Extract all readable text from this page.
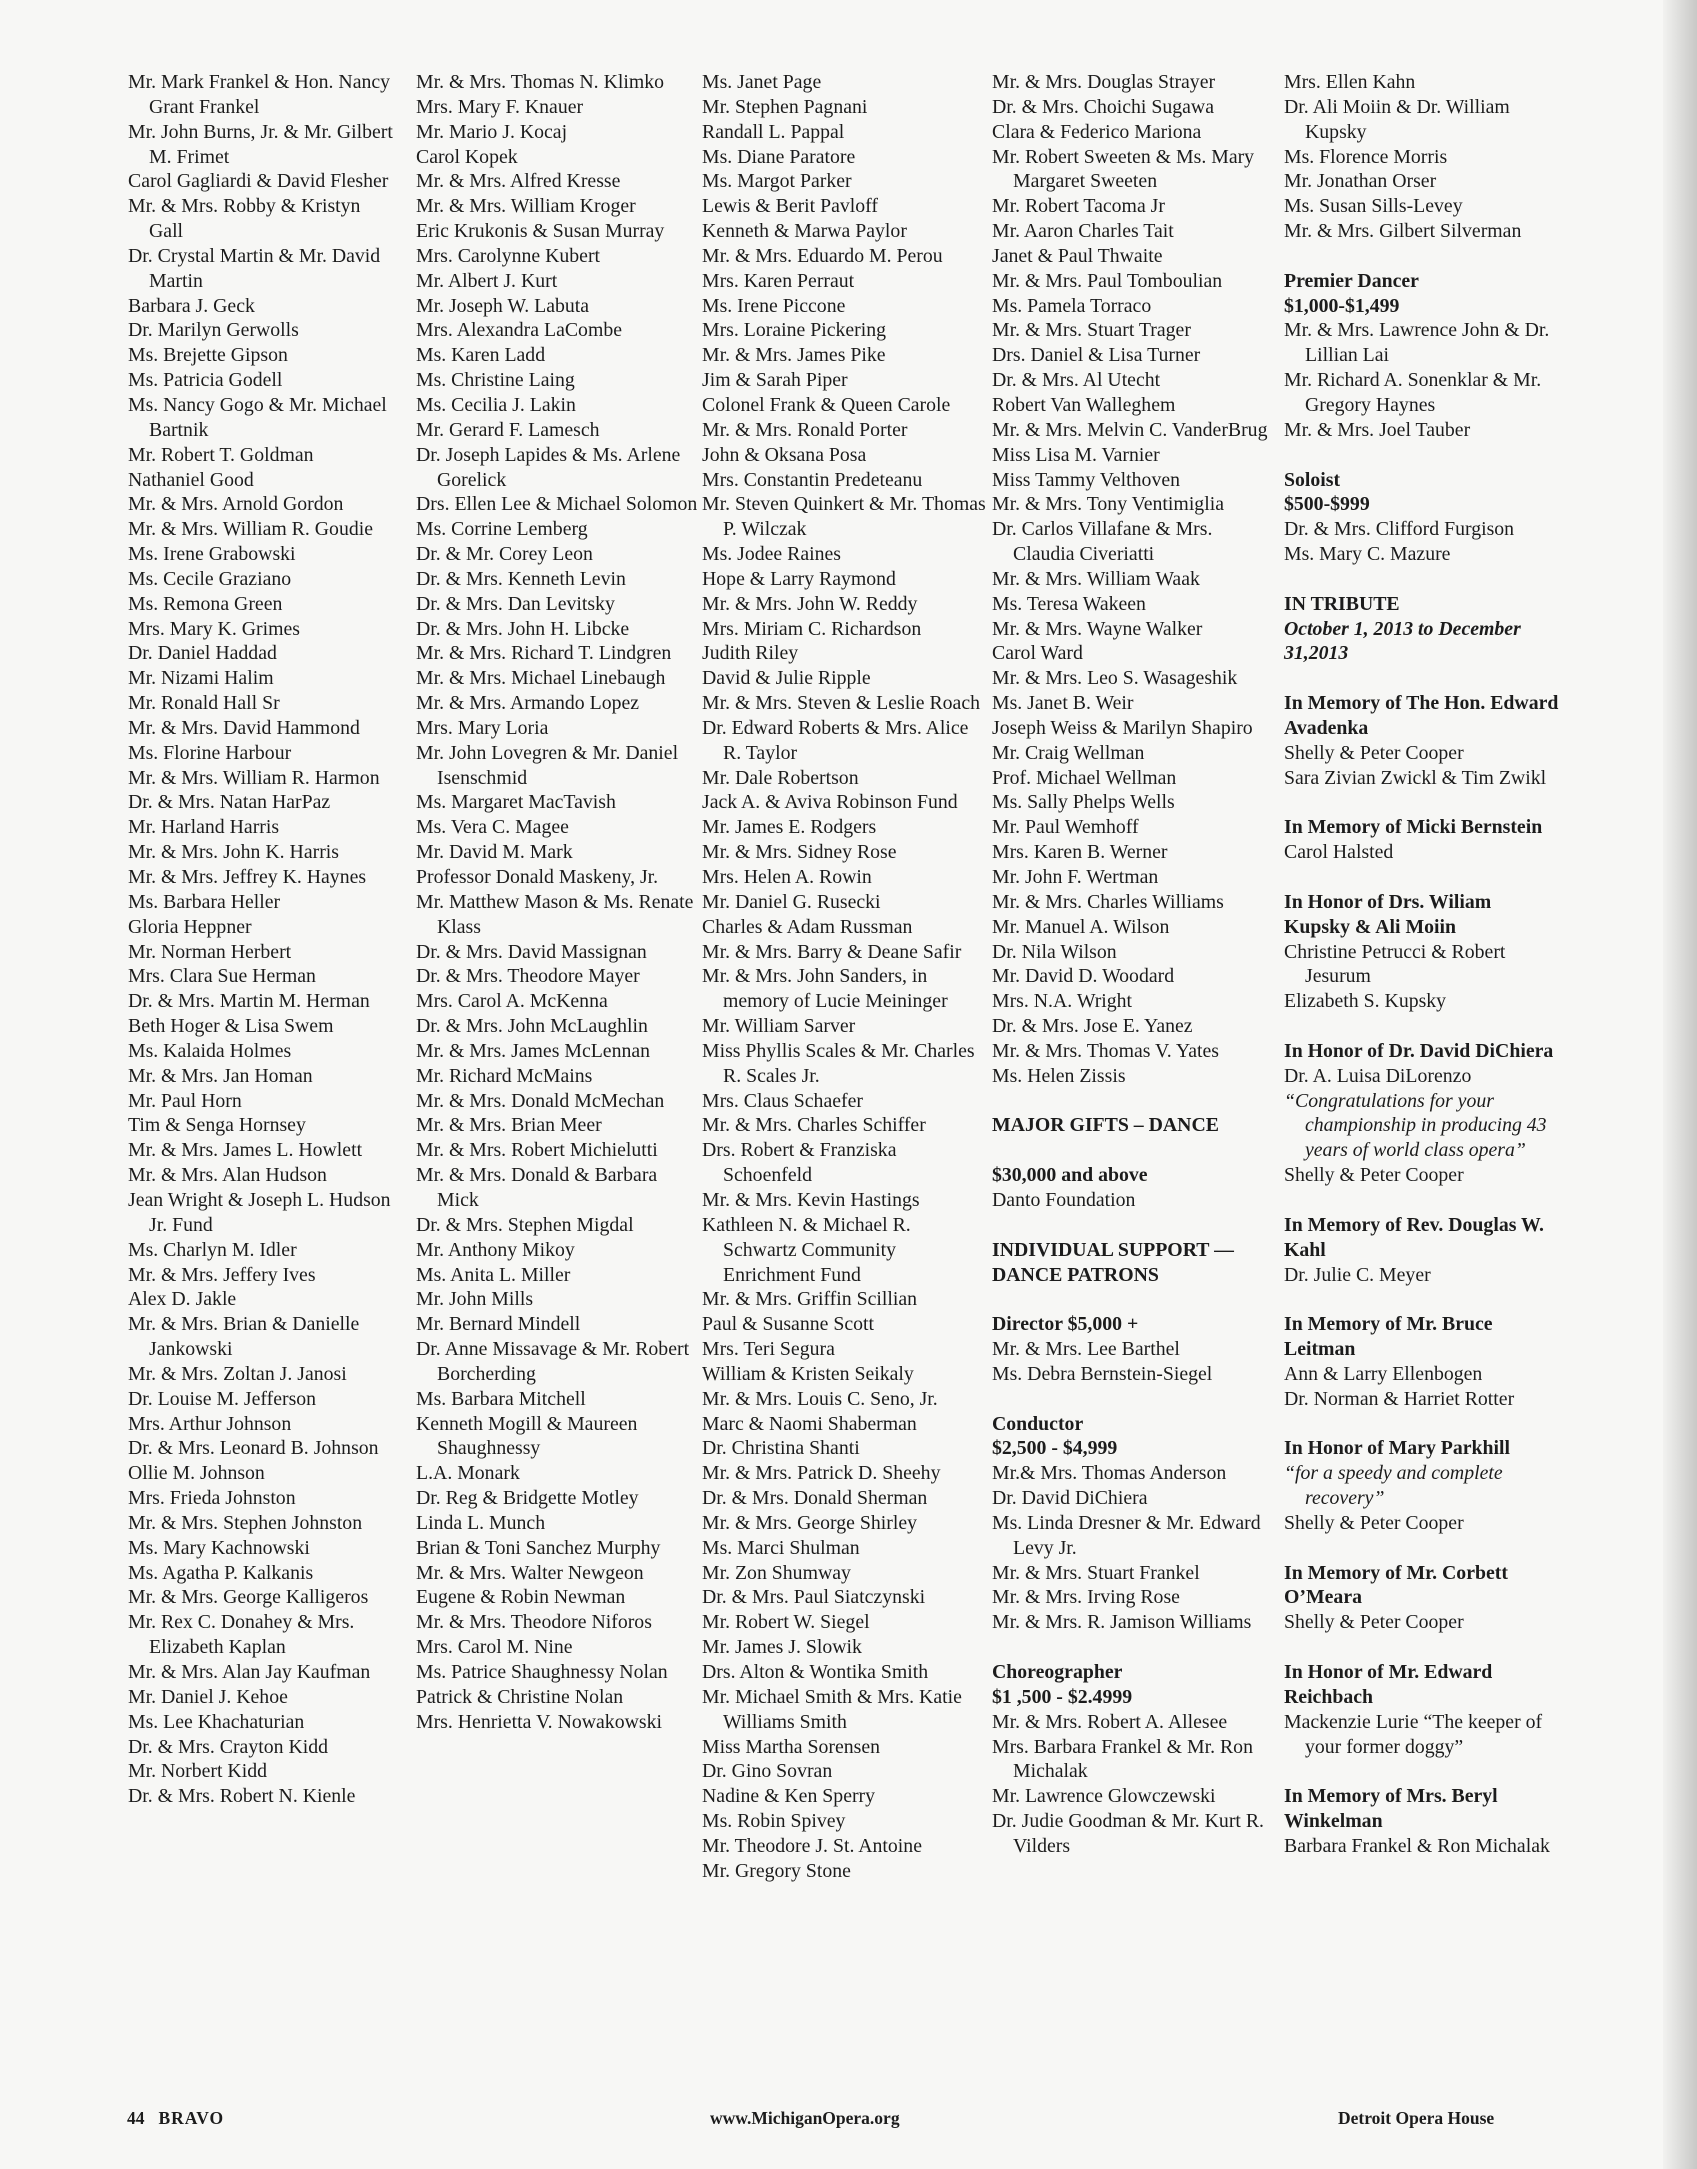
Mr. Mark Frankel & Hon. Nancy Grant Frankel

Mr. John Burns, Jr. & Mr. Gilbert M. Frimet

Carol Gagliardi & David Flesher

Mr. & Mrs. Robby & Kristyn Gall

Dr. Crystal Martin & Mr. David Martin

Barbara J. Geck

Dr. Marilyn Gerwolls

Ms. Brejette Gipson

Ms. Patricia Godell

Ms. Nancy Gogo & Mr. Michael Bartnik

Mr. Robert T. Goldman

Nathaniel Good

Mr. & Mrs. Arnold Gordon

Mr. & Mrs. William R. Goudie

Ms. Irene Grabowski

Ms. Cecile Graziano

Ms. Remona Green

Mrs. Mary K. Grimes

Dr. Daniel Haddad

Mr. Nizami Halim

Mr. Ronald Hall Sr

Mr. & Mrs. David Hammond

Ms. Florine Harbour

Mr. & Mrs. William R. Harmon

Dr. & Mrs. Natan HarPaz

Mr. Harland Harris

Mr. & Mrs. John K. Harris

Mr. & Mrs. Jeffrey K. Haynes

Ms. Barbara Heller

Gloria Heppner

Mr. Norman Herbert

Mrs. Clara Sue Herman

Dr. & Mrs. Martin M. Herman

Beth Hoger & Lisa Swem

Ms. Kalaida Holmes

Mr. & Mrs. Jan Homan

Mr. Paul Horn

Tim & Senga Hornsey

Mr. & Mrs. James L. Howlett

Mr. & Mrs. Alan Hudson

Jean Wright & Joseph L. Hudson Jr. Fund

Ms. Charlyn M. Idler

Mr. & Mrs. Jeffery Ives

Alex D. Jakle

Mr. & Mrs. Brian & Danielle Jankowski

Mr. & Mrs. Zoltan J. Janosi

Dr. Louise M. Jefferson

Mrs. Arthur Johnson

Dr. & Mrs. Leonard B. Johnson

Ollie M. Johnson

Mrs. Frieda Johnston

Mr. & Mrs. Stephen Johnston

Ms. Mary Kachnowski

Ms. Agatha P. Kalkanis

Mr. & Mrs. George Kalligeros

Mr. Rex C. Donahey & Mrs. Elizabeth Kaplan

Mr. & Mrs. Alan Jay Kaufman

Mr. Daniel J. Kehoe

Ms. Lee Khachaturian

Dr. & Mrs. Crayton Kidd

Mr. Norbert Kidd

Dr. & Mrs. Robert N. Kienle

Mr. & Mrs. Thomas N. Klimko

Mrs. Mary F. Knauer

Mr. Mario J. Kocaj

Carol Kopek

Mr. & Mrs. Alfred Kresse

Mr. & Mrs. William Kroger

Eric Krukonis & Susan Murray

Mrs. Carolynne Kubert

Mr. Albert J. Kurt

Mr. Joseph W. Labuta

Mrs. Alexandra LaCombe

Ms. Karen Ladd

Ms. Christine Laing

Ms. Cecilia J. Lakin

Mr. Gerard F. Lamesch

Dr. Joseph Lapides & Ms. Arlene Gorelick

Drs. Ellen Lee & Michael Solomon

Ms. Corrine Lemberg

Dr. & Mr. Corey Leon

Dr. & Mrs. Kenneth Levin

Dr. & Mrs. Dan Levitsky

Dr. & Mrs. John H. Libcke

Mr. & Mrs. Richard T. Lindgren

Mr. & Mrs. Michael Linebaugh

Mr. & Mrs. Armando Lopez

Mrs. Mary Loria

Mr. John Lovegren & Mr. Daniel Isenschmid

Ms. Margaret MacTavish

Ms. Vera C. Magee

Mr. David M. Mark

Professor Donald Maskeny, Jr.

Mr. Matthew Mason & Ms. Renate Klass

Dr. & Mrs. David Massignan

Dr. & Mrs. Theodore Mayer

Mrs. Carol A. McKenna

Dr. & Mrs. John McLaughlin

Mr. & Mrs. James McLennan

Mr. Richard McMains

Mr. & Mrs. Donald McMechan

Mr. & Mrs. Brian Meer

Mr. & Mrs. Robert Michielutti

Mr. & Mrs. Donald & Barbara Mick

Dr. & Mrs. Stephen Migdal

Mr. Anthony Mikoy

Ms. Anita L. Miller

Mr. John Mills

Mr. Bernard Mindell

Dr. Anne Missavage & Mr. Robert Borcherding

Ms. Barbara Mitchell

Kenneth Mogill & Maureen Shaughnessy

L.A. Monark

Dr. Reg & Bridgette Motley

Linda L. Munch

Brian & Toni Sanchez Murphy

Mr. & Mrs. Walter Newgeon

Eugene & Robin Newman

Mr. & Mrs. Theodore Niforos

Mrs. Carol M. Nine

Ms. Patrice Shaughnessy Nolan

Patrick & Christine Nolan

Mrs. Henrietta V. Nowakowski

Ms. Janet Page

Mr. Stephen Pagnani

Randall L. Pappal

Ms. Diane Paratore

Ms. Margot Parker

Lewis & Berit Pavloff

Kenneth & Marwa Paylor

Mr. & Mrs. Eduardo M. Perou

Mrs. Karen Perraut

Ms. Irene Piccone

Mrs. Loraine Pickering

Mr. & Mrs. James Pike

Jim & Sarah Piper

Colonel Frank & Queen Carole

Mr. & Mrs. Ronald Porter

John & Oksana Posa

Mrs. Constantin Predeteanu

Mr. Steven Quinkert & Mr. Thomas P. Wilczak

Ms. Jodee Raines

Hope & Larry Raymond

Mr. & Mrs. John W. Reddy

Mrs. Miriam C. Richardson

Judith Riley

David & Julie Ripple

Mr. & Mrs. Steven & Leslie Roach

Dr. Edward Roberts & Mrs. Alice R. Taylor

Mr. Dale Robertson

Jack A. & Aviva Robinson Fund

Mr. James E. Rodgers

Mr. & Mrs. Sidney Rose

Mrs. Helen A. Rowin

Mr. Daniel G. Rusecki

Charles & Adam Russman

Mr. & Mrs. Barry & Deane Safir

Mr. & Mrs. John Sanders, in memory of Lucie Meininger

Mr. William Sarver

Miss Phyllis Scales & Mr. Charles R. Scales Jr.

Mrs. Claus Schaefer

Mr. & Mrs. Charles Schiffer

Drs. Robert & Franziska Schoenfeld

Mr. & Mrs. Kevin Hastings

Kathleen N. & Michael R. Schwartz Community Enrichment Fund

Mr. & Mrs. Griffin Scillian

Paul & Susanne Scott

Mrs. Teri Segura

William & Kristen Seikaly

Mr. & Mrs. Louis C. Seno, Jr.

Marc & Naomi Shaberman

Dr. Christina Shanti

Mr. & Mrs. Patrick D. Sheehy

Dr. & Mrs. Donald Sherman

Mr. & Mrs. George Shirley

Ms. Marci Shulman

Mr. Zon Shumway

Dr. & Mrs. Paul Siatczynski

Mr. Robert W. Siegel

Mr. James J. Slowik

Drs. Alton & Wontika Smith

Mr. Michael Smith & Mrs. Katie Williams Smith

Miss Martha Sorensen

Dr. Gino Sovran

Nadine & Ken Sperry

Ms. Robin Spivey

Mr. Theodore J. St. Antoine

Mr. Gregory Stone

Mr. & Mrs. Douglas Strayer

Dr. & Mrs. Choichi Sugawa

Clara & Federico Mariona

Mr. Robert Sweeten & Ms. Mary Margaret Sweeten

Mr. Robert Tacoma Jr

Mr. Aaron Charles Tait

Janet & Paul Thwaite

Mr. & Mrs. Paul Tomboulian

Ms. Pamela Torraco

Mr. & Mrs. Stuart Trager

Drs. Daniel & Lisa Turner

Dr. & Mrs. Al Utecht

Robert Van Walleghem

Mr. & Mrs. Melvin C. VanderBrug

Miss Lisa M. Varnier

Miss Tammy Velthoven

Mr. & Mrs. Tony Ventimiglia

Dr. Carlos Villafane & Mrs. Claudia Civeriatti

Mr. & Mrs. William Waak

Ms. Teresa Wakeen

Mr. & Mrs. Wayne Walker

Carol Ward

Mr. & Mrs. Leo S. Wasageshik

Ms. Janet B. Weir

Joseph Weiss & Marilyn Shapiro

Mr. Craig Wellman

Prof. Michael Wellman

Ms. Sally Phelps Wells

Mr. Paul Wemhoff

Mrs. Karen B. Werner

Mr. John F. Wertman

Mr. & Mrs. Charles Williams

Mr. Manuel A. Wilson

Dr. Nila Wilson

Mr. David D. Woodard

Mrs. N.A. Wright

Dr. & Mrs. Jose E. Yanez

Mr. & Mrs. Thomas V. Yates

Ms. Helen Zissis

MAJOR GIFTS – DANCE

$30,000 and above

Danto Foundation

INDIVIDUAL SUPPORT — DANCE PATRONS

Director $5,000 +

Mr. & Mrs. Lee Barthel

Ms. Debra Bernstein-Siegel

Conductor

$2,500 - $4,999

Mr.& Mrs. Thomas Anderson

Dr. David DiChiera

Ms. Linda Dresner & Mr. Edward Levy Jr.

Mr. & Mrs. Stuart Frankel

Mr. & Mrs. Irving Rose

Mr. & Mrs. R. Jamison Williams

Choreographer

$1 ,500 - $2.4999

Mr. & Mrs. Robert A. Allesee

Mrs. Barbara Frankel & Mr. Ron Michalak

Mr. Lawrence Glowczewski

Dr. Judie Goodman & Mr. Kurt R. Vilders

Mrs. Ellen Kahn

Dr. Ali Moiin & Dr. William Kupsky

Ms. Florence Morris

Mr. Jonathan Orser

Ms. Susan Sills-Levey

Mr. & Mrs. Gilbert Silverman

Premier Dancer

$1,000-$1,499

Mr. & Mrs. Lawrence John & Dr. Lillian Lai

Mr. Richard A. Sonenklar & Mr. Gregory Haynes

Mr. & Mrs. Joel Tauber

Soloist

$500-$999

Dr. & Mrs. Clifford Furgison

Ms. Mary C. Mazure

IN TRIBUTE

October 1, 2013 to December 31,2013

In Memory of The Hon. Edward Avadenka

Shelly & Peter Cooper

Sara Zivian Zwickl & Tim Zwikl

In Memory of Micki Bernstein

Carol Halsted

In Honor of Drs. Wiliam Kupsky & Ali Moiin

Christine Petrucci & Robert Jesurum

Elizabeth S. Kupsky

In Honor of Dr. David DiChiera

Dr. A. Luisa DiLorenzo

“Congratulations for your championship in producing 43 years of world class opera”

Shelly & Peter Cooper

In Memory of Rev. Douglas W. Kahl

Dr. Julie C. Meyer

In Memory of Mr. Bruce Leitman

Ann & Larry Ellenbogen

Dr. Norman & Harriet Rotter

In Honor of Mary Parkhill

“for a speedy and complete recovery”

Shelly & Peter Cooper

In Memory of Mr. Corbett O’Meara

Shelly & Peter Cooper

In Honor of Mr. Edward Reichbach

Mackenzie Lurie “The keeper of your former doggy”

In Memory of Mrs. Beryl Winkelman

Barbara Frankel & Ron Michalak

44 BRAVO	www.MichiganOpera.org	Detroit Opera House
